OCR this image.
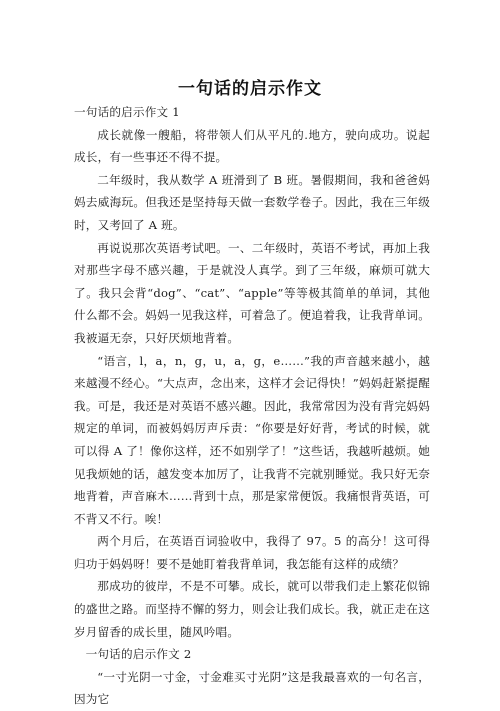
一句话的启示作文

一句话的启示作文 1

成长就像一艘船，将带领人们从平凡的.地方，驶向成功。说起成长，有一些事还不得不提。

二年级时，我从数学 A 班滑到了 B 班。暑假期间，我和爸爸妈妈去威海玩。但我还是坚持每天做一套数学卷子。因此，我在三年级时，又考回了 A 班。

再说说那次英语考试吧。一、二年级时，英语不考试，再加上我对那些字母不感兴趣，于是就没人真学。到了三年级，麻烦可就大了。我只会背“dog”、“cat”、“apple”等等极其简单的单词，其他什么都不会。妈妈一见我这样，可着急了。便追着我，让我背单词。我被逼无奈，只好厌烦地背着。

“语言，l，a，n，g，u，a，g，e……”我的声音越来越小，越来越漫不经心。“大点声，念出来，这样才会记得快！”妈妈赶紧提醒我。可是，我还是对英语不感兴趣。因此，我常常因为没有背完妈妈规定的单词，而被妈妈厉声斥责：“你要是好好背，考试的时候，就可以得 A 了！像你这样，还不如别学了！”这些话，我越听越烦。她见我烦她的话，越发变本加厉了，让我背不完就别睡觉。我只好无奈地背着，声音麻木……背到十点，那是家常便饭。我痛恨背英语，可不背又不行。唉！

两个月后，在英语百词验收中，我得了 97。5 的高分！这可得归功于妈妈呀！要不是她盯着我背单词，我怎能有这样的成绩？

那成功的彼岸，不是不可攀。成长，就可以带我们走上繁花似锦的盛世之路。而坚持不懈的努力，则会让我们成长。我，就正走在这岁月留香的成长里，随风吟唱。

一句话的启示作文 2

“一寸光阴一寸金，寸金难买寸光阴”这是我最喜欢的一句名言，因为它
